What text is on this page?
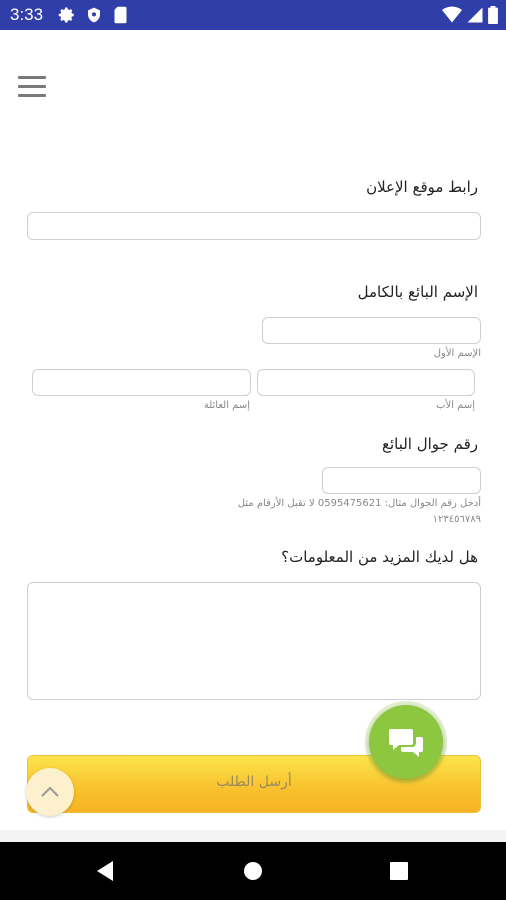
3:33
رابط موقع الإعلان
الإسم البائع بالكامل
الإسم الأول
إسم الأب
إسم العائلة
رقم جوال البائع
أدخل رقم الجوال مثال: 0595475621 لا تقبل الأرقام مثل
١٢٣٤٥٦٧٨٩
هل لديك المزيد من المعلومات؟
أرسل الطلب
